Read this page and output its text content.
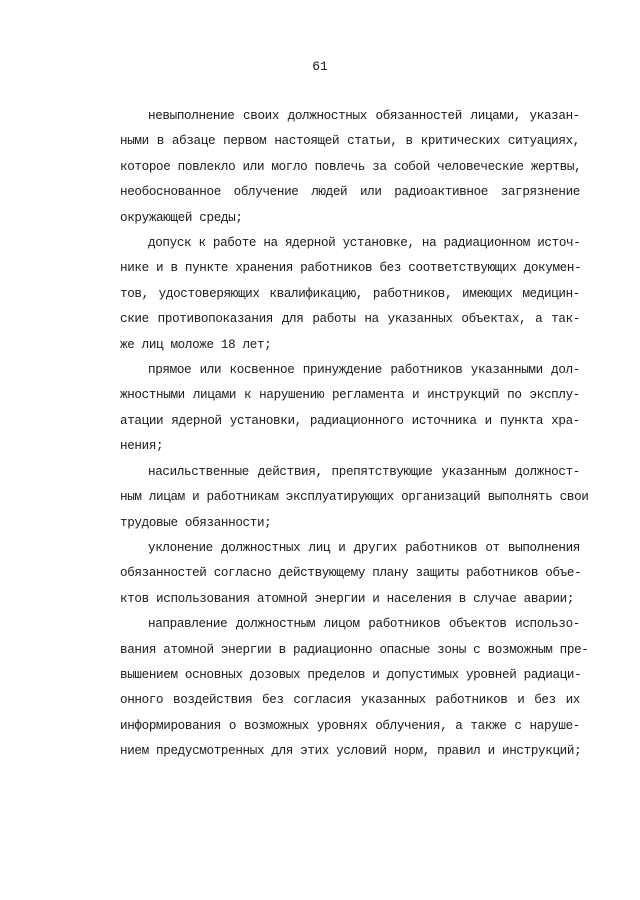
61

невыполнение своих должностных обязанностей лицами, указан-
ными в абзаце первом настоящей статьи, в критических ситуациях,
которое повлекло или могло повлечь за собой человеческие жертвы,
необоснованное облучение людей или радиоактивное загрязнение
окружающей среды;

допуск к работе на ядерной установке, на радиационном источ-
нике и в пункте хранения работников без соответствующих докумен-
тов, удостоверяющих квалификацию, работников, имеющих медицин-
ские противопоказания для работы на указанных объектах, а так-
же лиц моложе 18 лет;

прямое или косвенное принуждение работников указанными дол-
жностными лицами к нарушению регламента и инструкций по эксплу-
атации ядерной установки, радиационного источника и пункта хра-
нения;

насильственные действия, препятствующие указанным должност-
ным лицам и работникам эксплуатирующих организаций выполнять свои
трудовые обязанности;

уклонение должностных лиц и других работников от выполнения
обязанностей согласно действующему плану защиты работников объе-
ктов использования атомной энергии и населения в случае аварии;

направление должностным лицом работников объектов использо-
вания атомной энергии в радиационно опасные зоны с возможным пре-
вышением основных дозовых пределов и допустимых уровней радиаци-
онного воздействия без согласия указанных работников и без их
информирования о возможных уровнях облучения, а также с наруше-
нием предусмотренных для этих условий норм, правил и инструкций;
